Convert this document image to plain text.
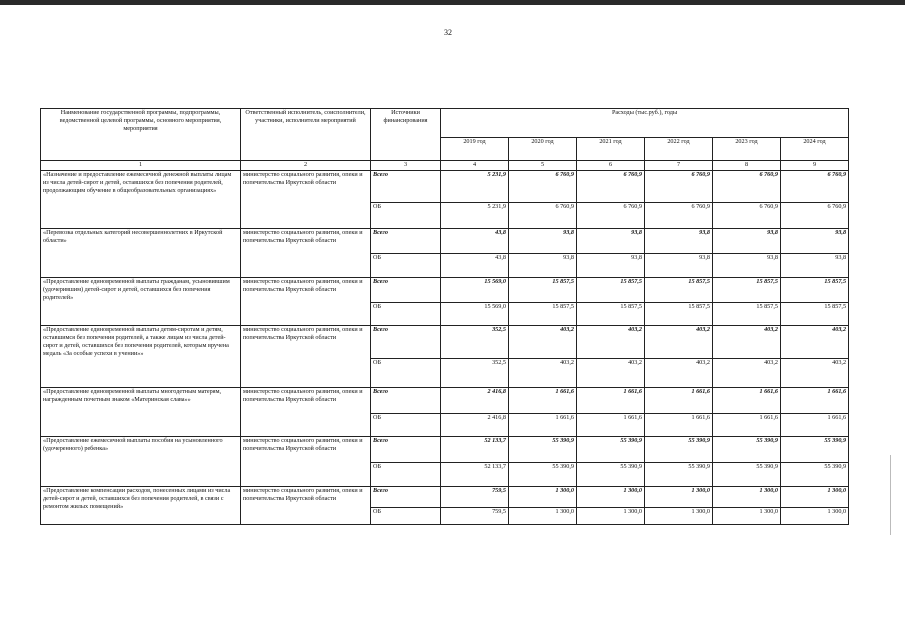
32
Наименование государственной программы, подпрограммы, ведомственной целевой программы, основного мероприятия, мероприятия	Ответственный исполнитель, соисполнители, участники, исполнители мероприятий	Источники финансирования	Расходы (тыс.руб.), годы					
			2019 год	2020 год	2021 год	2022 год	2023 год	2024 год
1	2	3	4	5	6	7	8	9
«Назначение и предоставление ежемесячной денежной выплаты лицам из числа детей-сирот и детей, оставшихся без попечения родителей, продолжающим обучение в общеобразовательных организациях»	министерство социального развития, опеки и попечительства Иркутской области	Всего	5 231,9	6 760,9	6 760,9	6 760,9	6 760,9	6 760,9
		ОБ	5 231,9	6 760,9	6 760,9	6 760,9	6 760,9	6 760,9
«Перевозка отдельных категорий несовершеннолетних в Иркутской области»	министерство социального развития, опеки и попечительства Иркутской области	Всего	43,8	93,8	93,8	93,8	93,8	93,8
		ОБ	43,8	93,8	93,8	93,8	93,8	93,8
«Предоставление единовременной выплаты гражданам, усыновившим (удочерившим) детей-сирот и детей, оставшихся без попечения родителей»	министерство социального развития, опеки и попечительства Иркутской области	Всего	15 569,0	15 857,5	15 857,5	15 857,5	15 857,5	15 857,5
		ОБ	15 569,0	15 857,5	15 857,5	15 857,5	15 857,5	15 857,5
«Предоставление единовременной выплаты детям-сиротам и детям, оставшимся без попечения родителей, а также лицам из числа детей-сирот и детей, оставшихся без попечения родителей, которым вручена медаль «За особые успехи в учении»»	министерство социального развития, опеки и попечительства Иркутской области	Всего	352,5	403,2	403,2	403,2	403,2	403,2
		ОБ	352,5	403,2	403,2	403,2	403,2	403,2
«Предоставление единовременной выплаты многодетным матерям, награжденным почетным знаком «Материнская слава»»	министерство социального развития, опеки и попечительства Иркутской области	Всего	2 416,8	1 661,6	1 661,6	1 661,6	1 661,6	1 661,6
		ОБ	2 416,8	1 661,6	1 661,6	1 661,6	1 661,6	1 661,6
«Предоставление ежемесячной выплаты пособия на усыновленного (удочеренного) ребенка»	министерство социального развития, опеки и попечительства Иркутской области	Всего	52 133,7	55 390,9	55 390,9	55 390,9	55 390,9	55 390,9
		ОБ	52 133,7	55 390,9	55 390,9	55 390,9	55 390,9	55 390,9
«Предоставление компенсации расходов, понесенных лицами из числа детей-сирот и детей, оставшихся без попечения родителей, в связи с ремонтом жилых помещений»	министерство социального развития, опеки и попечительства Иркутской области	Всего	759,5	1 300,0	1 300,0	1 300,0	1 300,0	1 300,0
		ОБ	759,5	1 300,0	1 300,0	1 300,0	1 300,0	1 300,0
